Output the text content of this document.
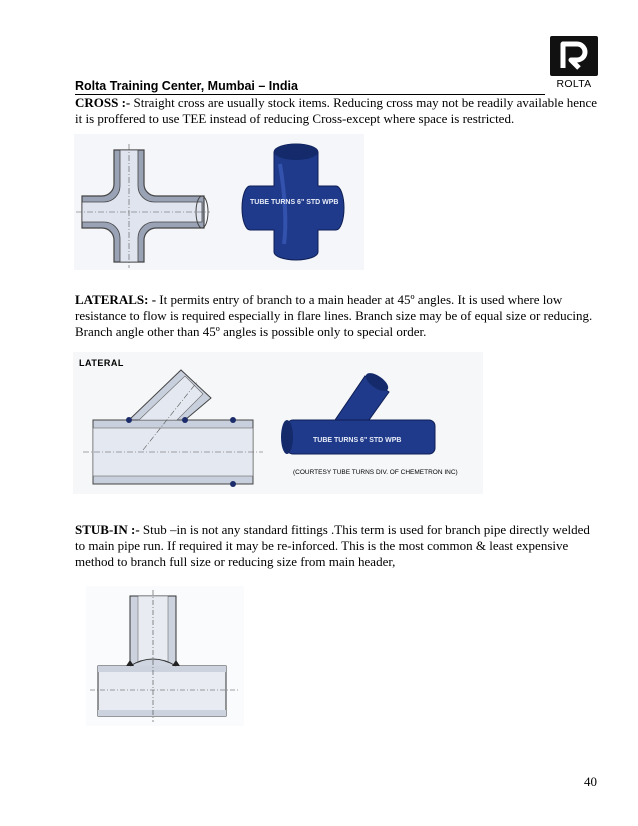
ROLTA
Rolta Training Center, Mumbai – India
CROSS :- Straight cross are usually stock items. Reducing cross may not be readily available hence it is proffered to use TEE instead of reducing Cross-except where space is restricted.
TUBE TURNS 6" STD WPB
LATERALS: - It permits entry of branch to a main header at 45º angles. It is used where low resistance to flow is required especially in flare lines. Branch size may be of equal size or reducing. Branch angle other than 45º angles is possible only to special order.
LATERAL
TUBE TURNS 6" STD WPB
(COURTESY TUBE TURNS DIV. OF CHEMETRON INC)
STUB-IN :- Stub –in is not any standard fittings .This term is used for branch pipe directly welded to main pipe run. If required it may be re-inforced. This is the most common & least expensive method to branch full size or reducing size from main header,
40
